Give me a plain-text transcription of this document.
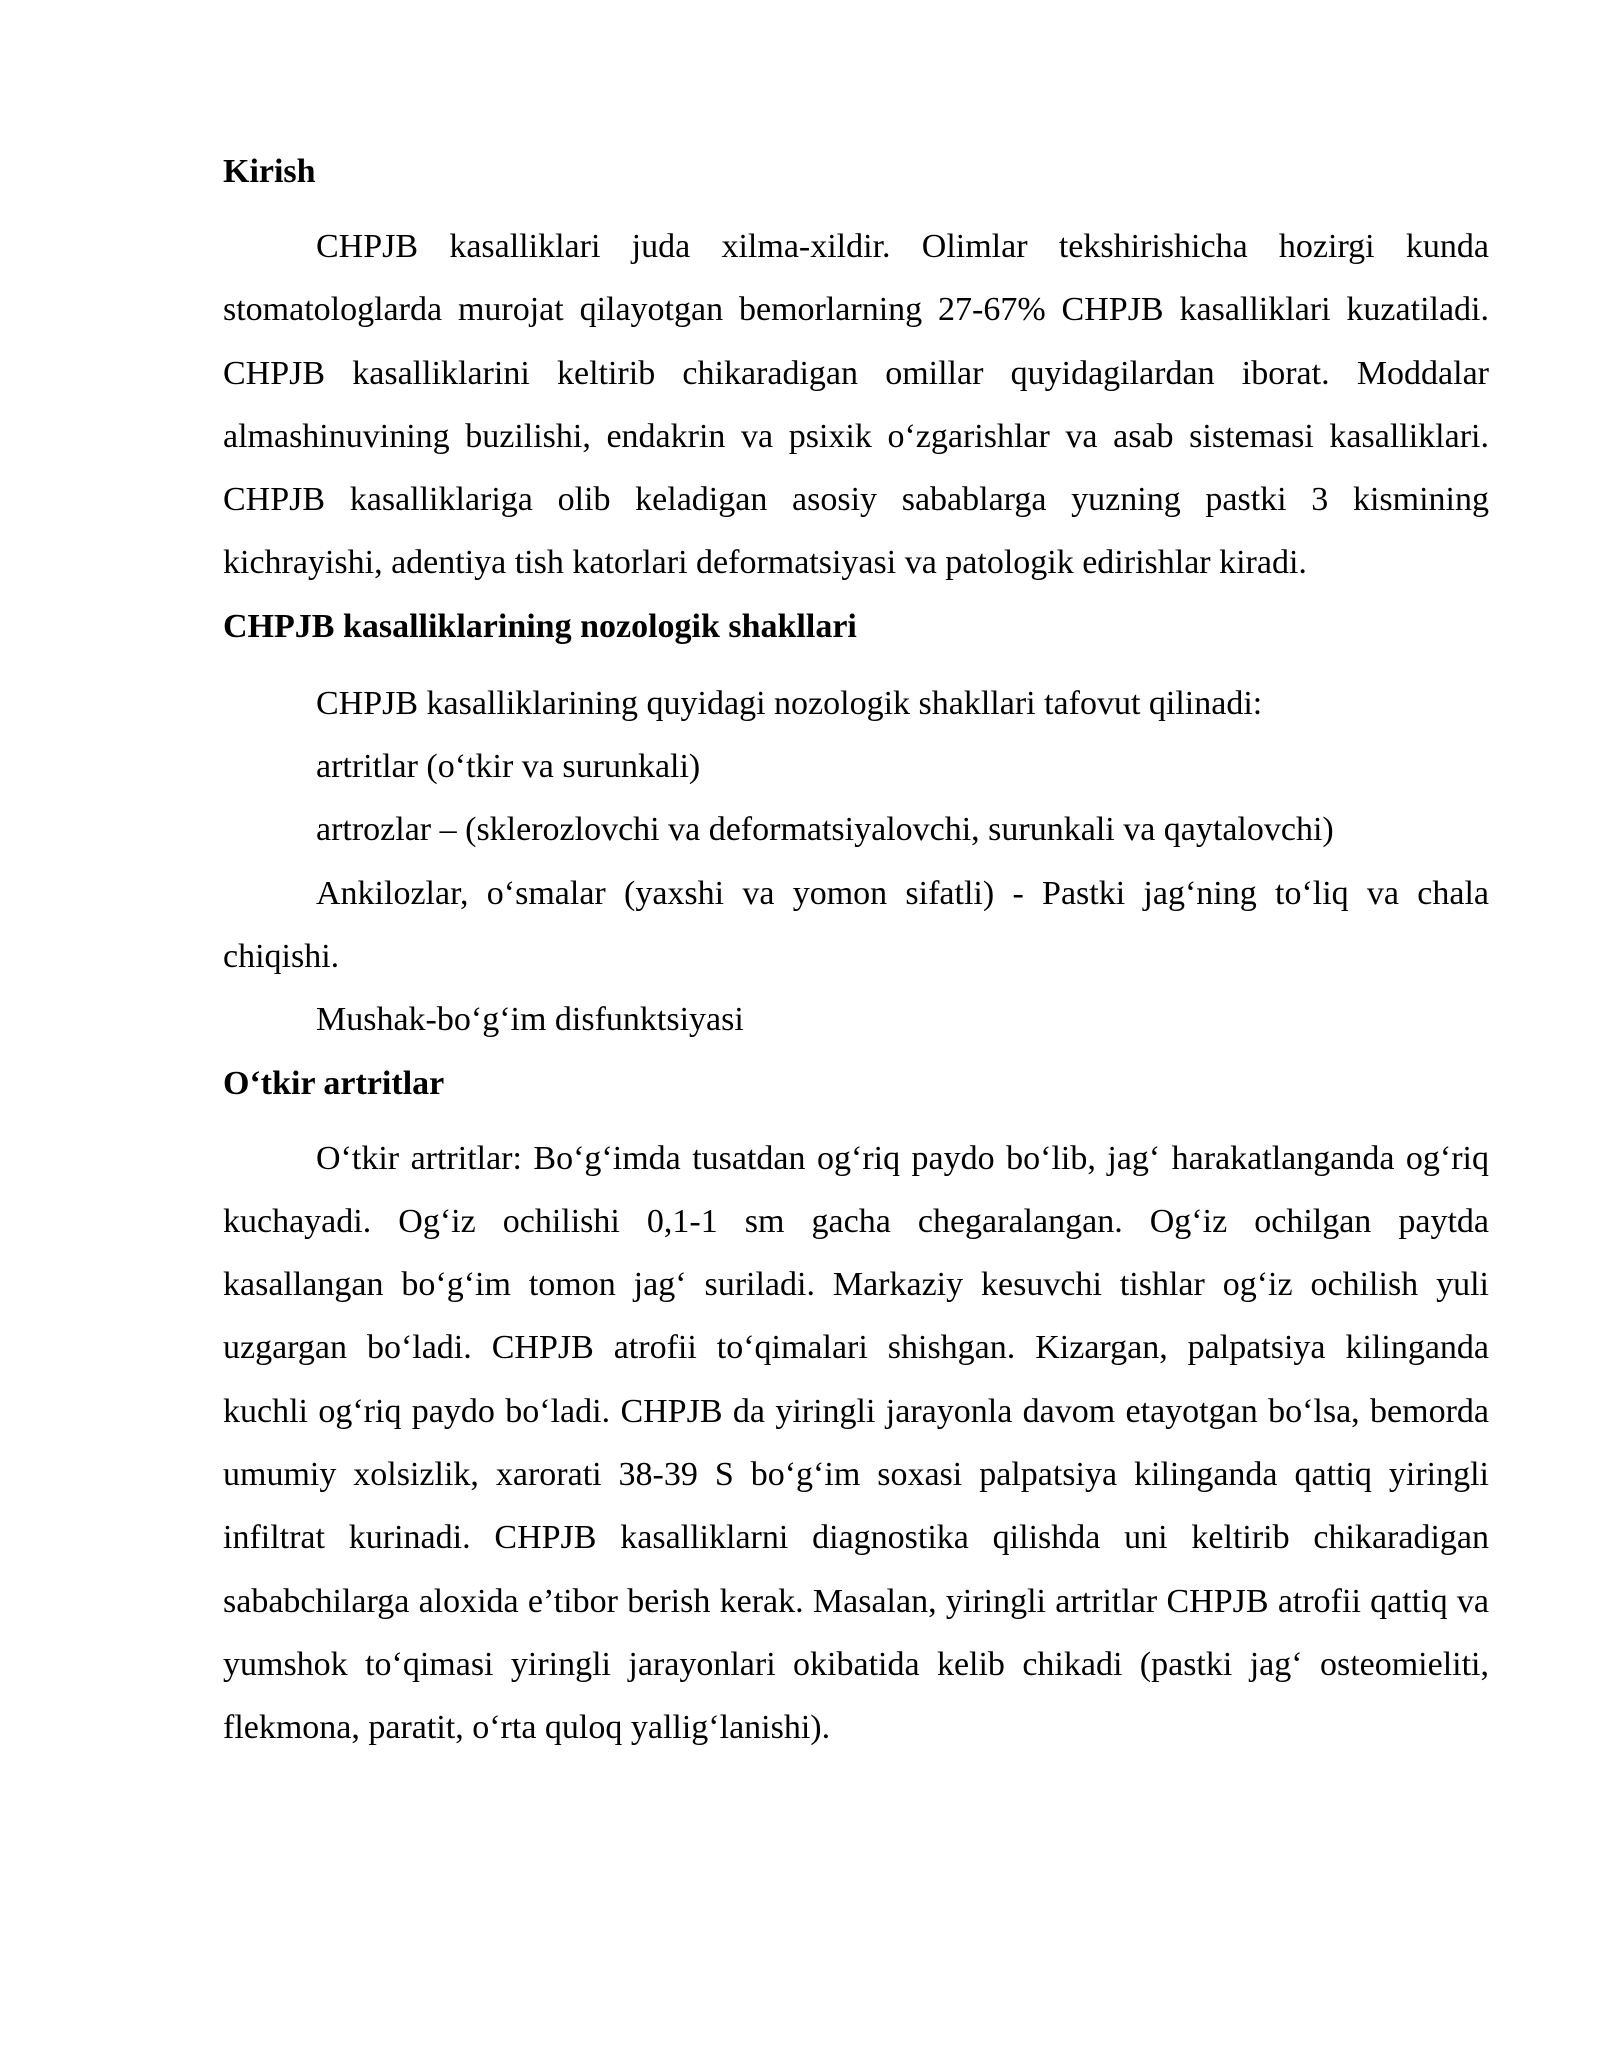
Kirish

CHPJB kasalliklari juda xilma-xildir. Olimlar tekshirishicha hozirgi kunda stomatologlarda murojat qilayotgan bemorlarning 27-67% CHPJB kasalliklari kuzatiladi. CHPJB kasalliklarini keltirib chikaradigan omillar quyidagilardan iborat. Moddalar almashinuvining buzilishi, endakrin va psixik o‘zgarishlar va asab sistemasi kasalliklari. CHPJB kasalliklariga olib keladigan asosiy sabablarga yuzning pastki 3 kismining kichrayishi, adentiya tish katorlari deformatsiyasi va patologik edirishlar kiradi.

CHPJB kasalliklarining nozologik shakllari
CHPJB kasalliklarining quyidagi nozologik shakllari tafovut qilinadi:
artritlar (o‘tkir va surunkali)
artrozlar – (sklerozlovchi va deformatsiyalovchi, surunkali va qaytalovchi)

Ankilozlar, o‘smalar (yaxshi va yomon sifatli) - Pastki jag‘ning to‘liq va chala chiqishi.

Mushak-bo‘g‘im disfunktsiyasi
O‘tkir artritlar

O‘tkir artritlar: Bo‘g‘imda tusatdan og‘riq paydo bo‘lib, jag‘ harakatlanganda og‘riq kuchayadi. Og‘iz ochilishi 0,1-1 sm gacha chegaralangan. Og‘iz ochilgan paytda kasallangan bo‘g‘im tomon jag‘ suriladi. Markaziy kesuvchi tishlar og‘iz ochilish yuli uzgargan bo‘ladi. CHPJB atrofii to‘qimalari shishgan. Kizargan, palpatsiya kilinganda kuchli og‘riq paydo bo‘ladi. CHPJB da yiringli jarayonla davom etayotgan bo‘lsa, bemorda umumiy xolsizlik, xarorati 38-39 S bo‘g‘im soxasi palpatsiya kilinganda qattiq yiringli infiltrat kurinadi. CHPJB kasalliklarni diagnostika qilishda uni keltirib chikaradigan sababchilarga aloxida e’tibor berish kerak. Masalan, yiringli artritlar CHPJB atrofii qattiq va yumshok to‘qimasi yiringli jarayonlari okibatida kelib chikadi (pastki jag‘ osteomieliti, flekmona, paratit, o‘rta quloq yallig‘lanishi).
